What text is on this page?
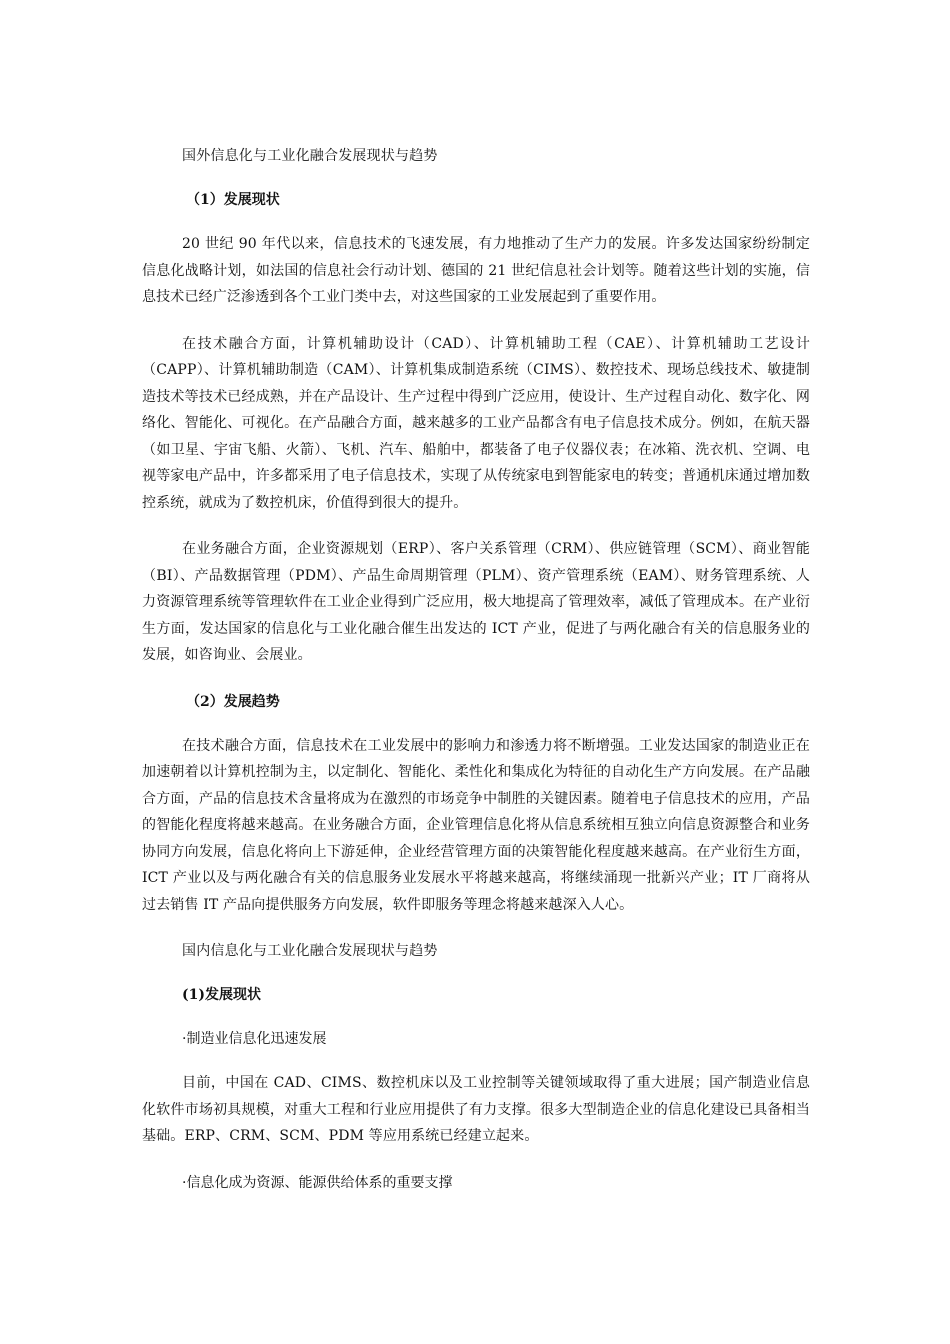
国外信息化与工业化融合发展现状与趋势

（1）发展现状

20 世纪 90 年代以来，信息技术的飞速发展，有力地推动了生产力的发展。许多发达国家纷纷制定信息化战略计划，如法国的信息社会行动计划、德国的 21 世纪信息社会计划等。随着这些计划的实施，信息技术已经广泛渗透到各个工业门类中去，对这些国家的工业发展起到了重要作用。

在技术融合方面，计算机辅助设计（CAD）、计算机辅助工程（CAE）、计算机辅助工艺设计（CAPP）、计算机辅助制造（CAM）、计算机集成制造系统（CIMS）、数控技术、现场总线技术、敏捷制造技术等技术已经成熟，并在产品设计、生产过程中得到广泛应用，使设计、生产过程自动化、数字化、网络化、智能化、可视化。在产品融合方面，越来越多的工业产品都含有电子信息技术成分。例如，在航天器（如卫星、宇宙飞船、火箭）、飞机、汽车、船舶中，都装备了电子仪器仪表；在冰箱、洗衣机、空调、电视等家电产品中，许多都采用了电子信息技术，实现了从传统家电到智能家电的转变；普通机床通过增加数控系统，就成为了数控机床，价值得到很大的提升。

在业务融合方面，企业资源规划（ERP）、客户关系管理（CRM）、供应链管理（SCM）、商业智能（BI）、产品数据管理（PDM）、产品生命周期管理（PLM）、资产管理系统（EAM）、财务管理系统、人力资源管理系统等管理软件在工业企业得到广泛应用，极大地提高了管理效率，减低了管理成本。在产业衍生方面，发达国家的信息化与工业化融合催生出发达的 ICT 产业，促进了与两化融合有关的信息服务业的发展，如咨询业、会展业。

（2）发展趋势

在技术融合方面，信息技术在工业发展中的影响力和渗透力将不断增强。工业发达国家的制造业正在加速朝着以计算机控制为主，以定制化、智能化、柔性化和集成化为特征的自动化生产方向发展。在产品融合方面，产品的信息技术含量将成为在激烈的市场竞争中制胜的关键因素。随着电子信息技术的应用，产品的智能化程度将越来越高。在业务融合方面，企业管理信息化将从信息系统相互独立向信息资源整合和业务协同方向发展，信息化将向上下游延伸，企业经营管理方面的决策智能化程度越来越高。在产业衍生方面，ICT 产业以及与两化融合有关的信息服务业发展水平将越来越高，将继续涌现一批新兴产业；IT 厂商将从过去销售 IT 产品向提供服务方向发展，软件即服务等理念将越来越深入人心。

国内信息化与工业化融合发展现状与趋势

(1)发展现状

·制造业信息化迅速发展

目前，中国在 CAD、CIMS、数控机床以及工业控制等关键领域取得了重大进展；国产制造业信息化软件市场初具规模，对重大工程和行业应用提供了有力支撑。很多大型制造企业的信息化建设已具备相当基础。ERP、CRM、SCM、PDM 等应用系统已经建立起来。

·信息化成为资源、能源供给体系的重要支撑
